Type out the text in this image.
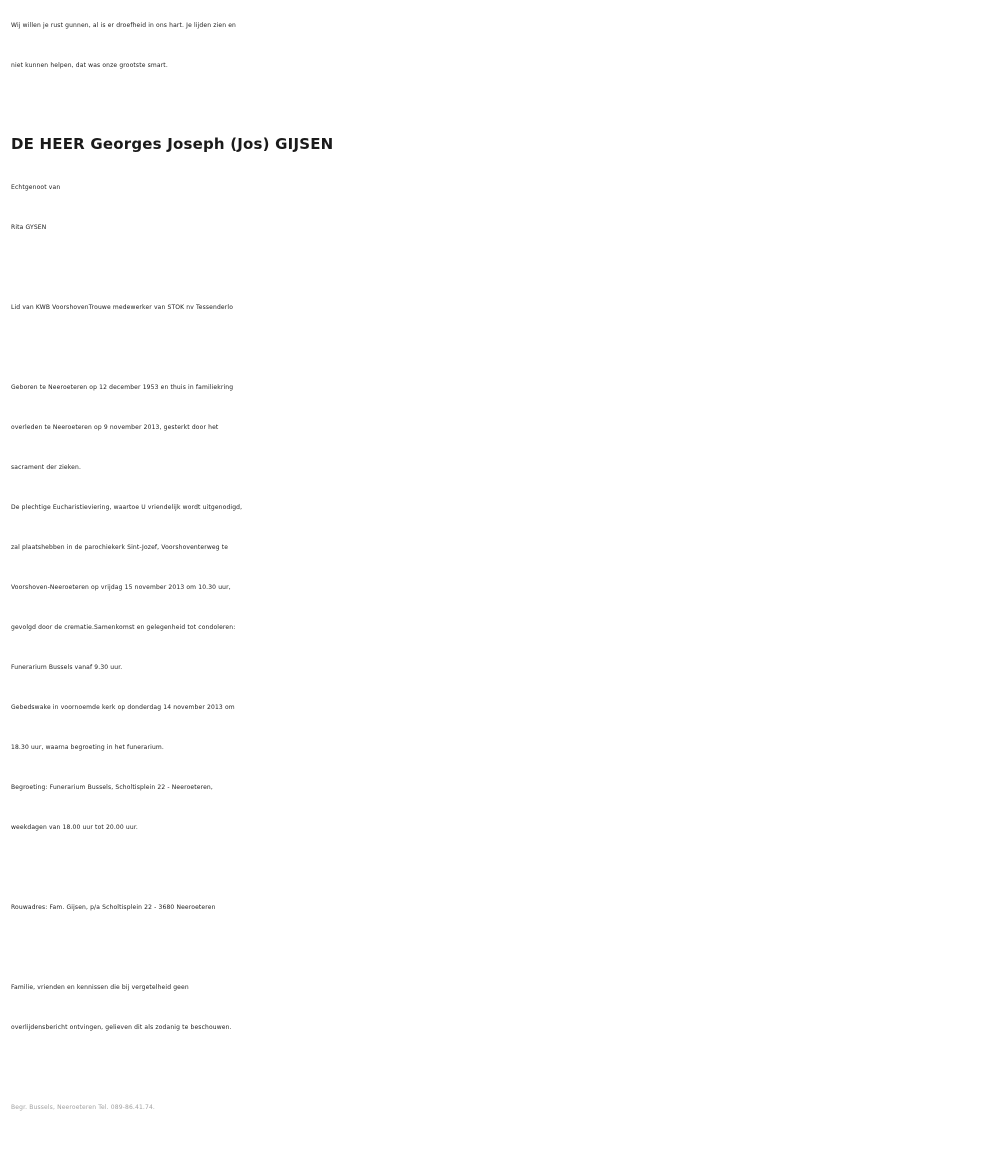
Wij willen je rust gunnen, al is er droefheid in ons hart. Je lijden zien en
niet kunnen helpen, dat was onze grootste smart.
DE HEER Georges Joseph (Jos) GIJSEN
Echtgenoot van
Rita GYSEN
Lid van KWB VoorshovenTrouwe medewerker van STOK nv Tessenderlo
Geboren te Neeroeteren op 12 december 1953 en thuis in familiekring
overleden te Neeroeteren op 9 november 2013, gesterkt door het
sacrament der zieken.
De plechtige Eucharistieviering, waartoe U vriendelijk wordt uitgenodigd,
zal plaatshebben in de parochiekerk Sint-Jozef, Voorshoventerweg te
Voorshoven-Neeroeteren op vrijdag 15 november 2013 om 10.30 uur,
gevolgd door de crematie.Samenkomst en gelegenheid tot condoleren:
Funerarium Bussels vanaf 9.30 uur.
Gebedswake in voornoemde kerk op donderdag 14 november 2013 om
18.30 uur, waarna begroeting in het funerarium.
Begroeting: Funerarium Bussels, Scholtisplein 22 - Neeroeteren,
weekdagen van 18.00 uur tot 20.00 uur.
Rouwadres: Fam. Gijsen, p/a Scholtisplein 22 - 3680 Neeroeteren
Familie, vrienden en kennissen die bij vergetelheid geen
overlijdensbericht ontvingen, gelieven dit als zodanig te beschouwen.
Begr. Bussels, Neeroeteren Tel. 089-86.41.74.
